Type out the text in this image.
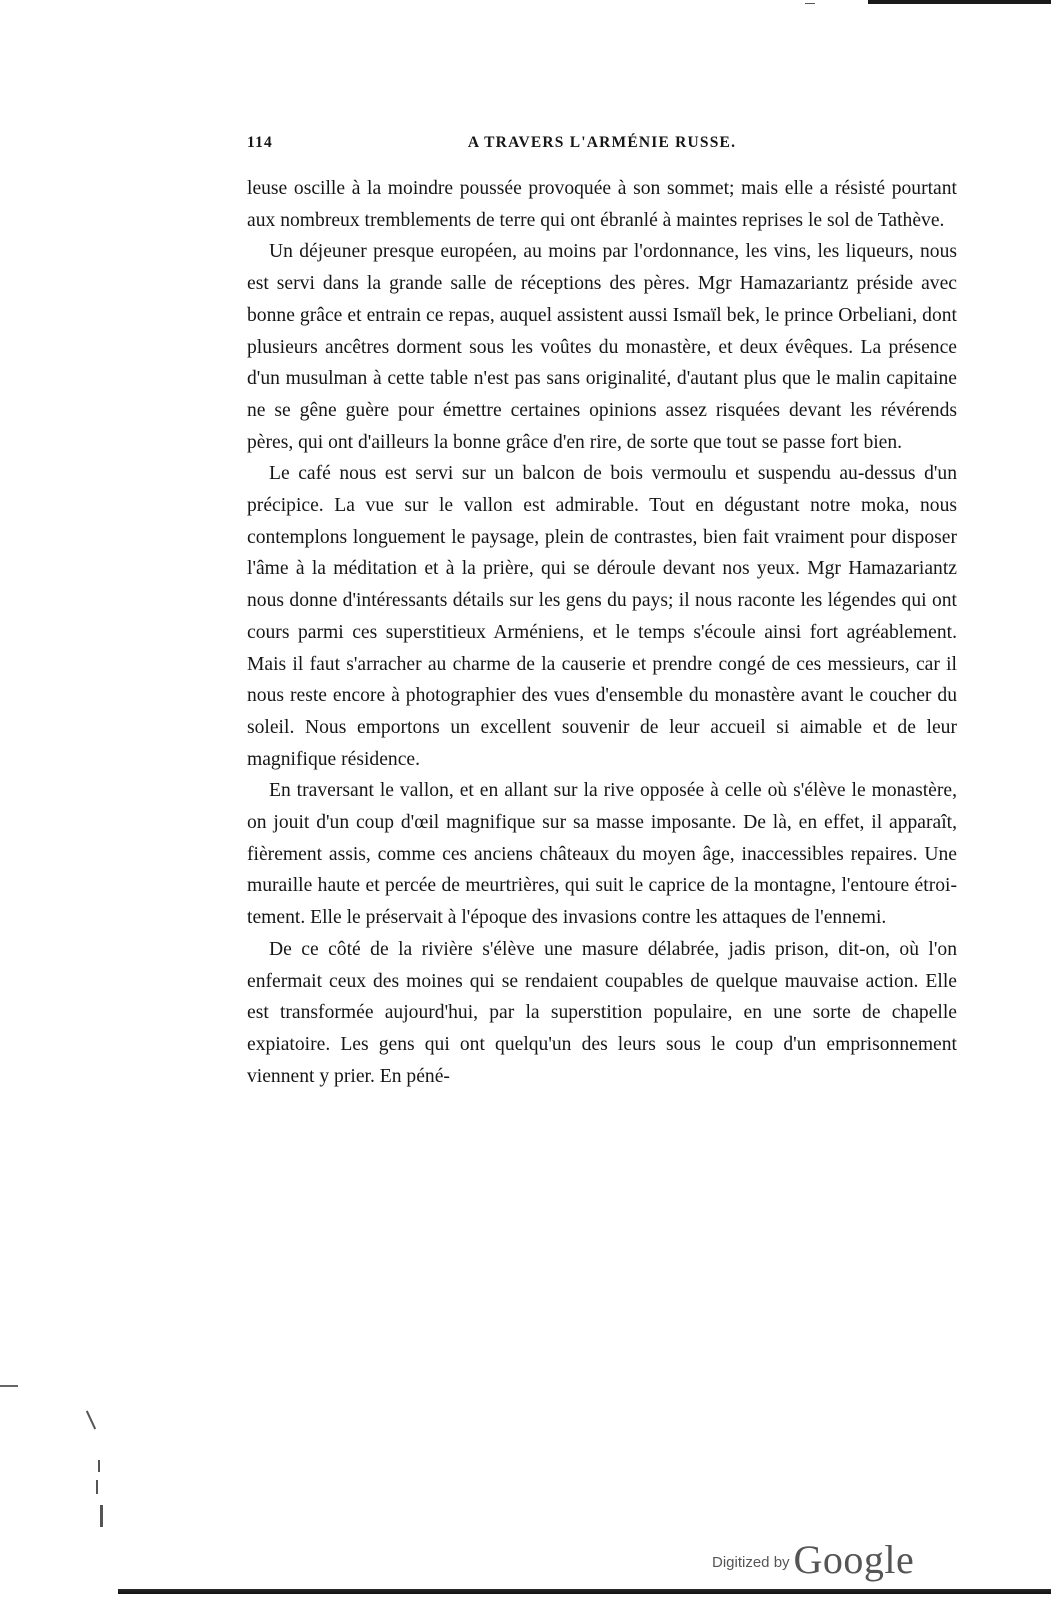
114	A TRAVERS L'ARMÉNIE RUSSE.

leuse oscille à la moindre poussée provoquée à son sommet; mais elle a résisté pourtant aux nombreux tremblements de terre qui ont ébranlé à maintes reprises le sol de Tathève.

Un déjeuner presque européen, au moins par l'ordonnance, les vins, les liqueurs, nous est servi dans la grande salle de réceptions des pères. Mgr Hamazariantz préside avec bonne grâce et entrain ce repas, auquel assistent aussi Ismaïl bek, le prince Orbeliani, dont plusieurs ancêtres dorment sous les voûtes du monastère, et deux évêques. La présence d'un musulman à cette table n'est pas sans originalité, d'autant plus que le malin capitaine ne se gêne guère pour émettre certaines opinions assez risquées devant les révérends pères, qui ont d'ailleurs la bonne grâce d'en rire, de sorte que tout se passe fort bien.

Le café nous est servi sur un balcon de bois vermoulu et suspendu au-dessus d'un précipice. La vue sur le vallon est admirable. Tout en dégustant notre moka, nous contemplons longuement le paysage, plein de contrastes, bien fait vraiment pour disposer l'âme à la méditation et à la prière, qui se déroule devant nos yeux. Mgr Hamazariantz nous donne d'intéressants détails sur les gens du pays; il nous raconte les légendes qui ont cours parmi ces superstitieux Arméniens, et le temps s'écoule ainsi fort agréablement. Mais il faut s'arracher au charme de la causerie et prendre congé de ces messieurs, car il nous reste encore à photographier des vues d'ensemble du monastère avant le coucher du soleil. Nous emportons un excellent souvenir de leur accueil si aimable et de leur magnifique résidence.

En traversant le vallon, et en allant sur la rive opposée à celle où s'élève le monastère, on jouit d'un coup d'œil magnifique sur sa masse imposante. De là, en effet, il apparaît, fièrement assis, comme ces anciens châteaux du moyen âge, inaccessibles repaires. Une muraille haute et percée de meurtrières, qui suit le caprice de la montagne, l'entoure étroitement. Elle le préservait à l'époque des invasions contre les attaques de l'ennemi.

De ce côté de la rivière s'élève une masure délabrée, jadis prison, dit-on, où l'on enfermait ceux des moines qui se rendaient coupables de quelque mauvaise action. Elle est transformée aujourd'hui, par la superstition populaire, en une sorte de chapelle expiatoire. Les gens qui ont quelqu'un des leurs sous le coup d'un emprisonnement viennent y prier. En péné-

Digitized by Google
